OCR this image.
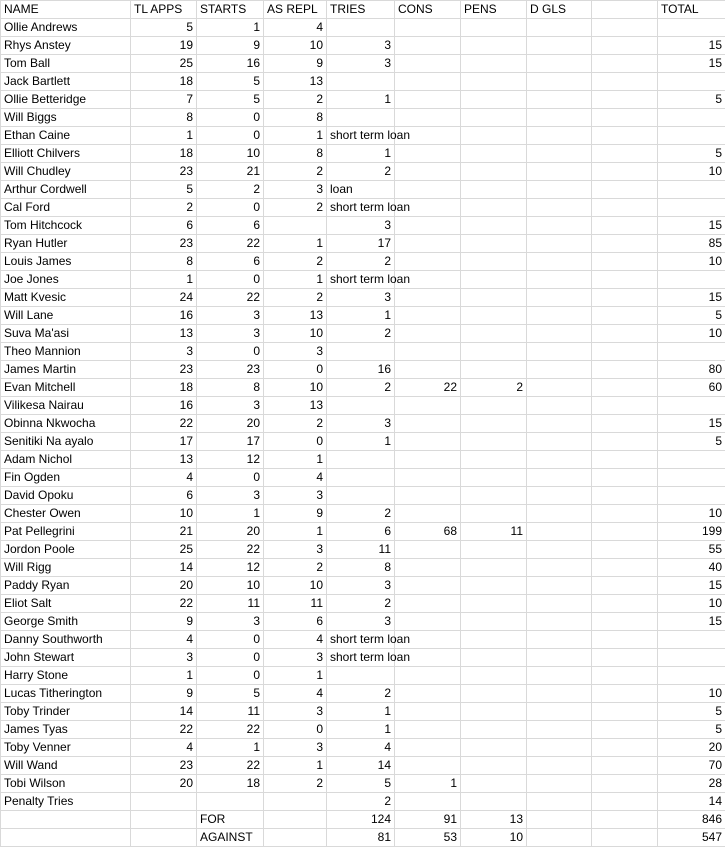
NAME	TL APPS	STARTS	AS REPL	TRIES	CONS	PENS	D GLS		TOTAL
Ollie Andrews	5	1	4						
Rhys Anstey	19	9	10	3					15
Tom Ball	25	16	9	3					15
Jack Bartlett	18	5	13						
Ollie Betteridge	7	5	2	1					5
Will Biggs	8	0	8						
Ethan Caine	1	0	1	short term loan					
Elliott Chilvers	18	10	8	1					5
Will Chudley	23	21	2	2					10
Arthur Cordwell	5	2	3	loan					
Cal Ford	2	0	2	short term loan					
Tom Hitchcock	6	6		3					15
Ryan Hutler	23	22	1	17					85
Louis James	8	6	2	2					10
Joe Jones	1	0	1	short term loan					
Matt Kvesic	24	22	2	3					15
Will Lane	16	3	13	1					5
Suva Ma'asi	13	3	10	2					10
Theo Mannion	3	0	3						
James Martin	23	23	0	16					80
Evan Mitchell	18	8	10	2	22	2			60
Vilikesa Nairau	16	3	13						
Obinna Nkwocha	22	20	2	3					15
Senitiki Na ayalo	17	17	0	1					5
Adam Nichol	13	12	1						
Fin Ogden	4	0	4						
David Opoku	6	3	3						
Chester Owen	10	1	9	2					10
Pat Pellegrini	21	20	1	6	68	11			199
Jordon Poole	25	22	3	11					55
Will Rigg	14	12	2	8					40
Paddy Ryan	20	10	10	3					15
Eliot Salt	22	11	11	2					10
George Smith	9	3	6	3					15
Danny Southworth	4	0	4	short term loan					
John Stewart	3	0	3	short term loan					
Harry Stone	1	0	1						
Lucas Titherington	9	5	4	2					10
Toby Trinder	14	11	3	1					5
James Tyas	22	22	0	1					5
Toby Venner	4	1	3	4					20
Will Wand	23	22	1	14					70
Tobi Wilson	20	18	2	5	1				28
Penalty Tries				2					14
		FOR		124	91	13			846
		AGAINST		81	53	10			547
